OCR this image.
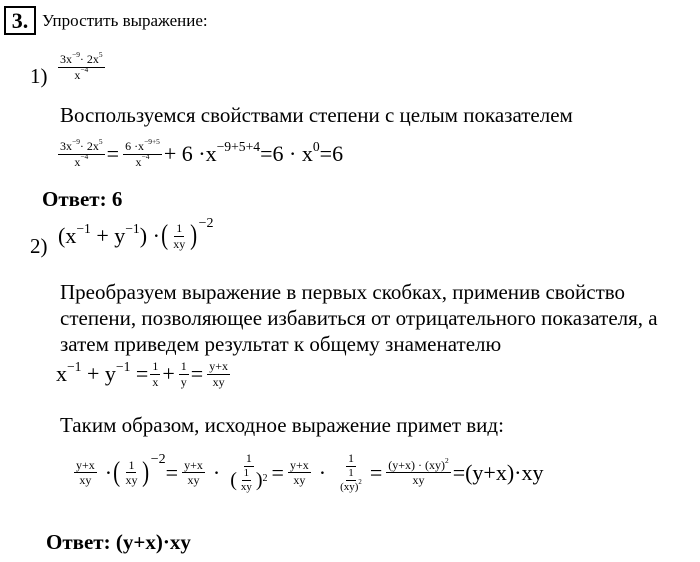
3. Упростить выражение:
$1) \frac{3x^{-9}\cdot 2x^5}{x^{-4}}$
Воспользуемся свойствами степени с целым показателем
$\frac{3x^{-9}\cdot 2x^5}{x^{-4}} = \frac{6 \cdot x^{-9+5}}{x^{-4}} + 6 \cdot x^{-9+5+4}=6 \cdot x^0=6$
Ответ: 6
2) $(x^{-1} + y^{-1})$ · ( $\frac{1}{xy} )^{-2}$
Преобразуем выражение в первых скобках, применив свойство
степени, позволяющее избавиться от отрицательного показателя, а
затем приведем результат к общему знаменателю
$x^{-1} + y^{-1} = \frac{1}{x} + \frac{1}{y} = \frac{y+x}{xy}$
Таким образом, исходное выражение примет вид:
$\frac{y+x}{xy}$ · ( $\frac{1}{xy} )^{-2}$
= $\frac{y+x}{xy} \cdot \frac{1}{( \frac{1}{xy} )^2} = \frac{y+x}{xy} \cdot \frac{1}{\frac{1}{(xy)^2}} = \frac{(y+x) \cdot (xy)^2}{xy} =(y+x)\cdot xy$
Ответ: (y+x)·xy
